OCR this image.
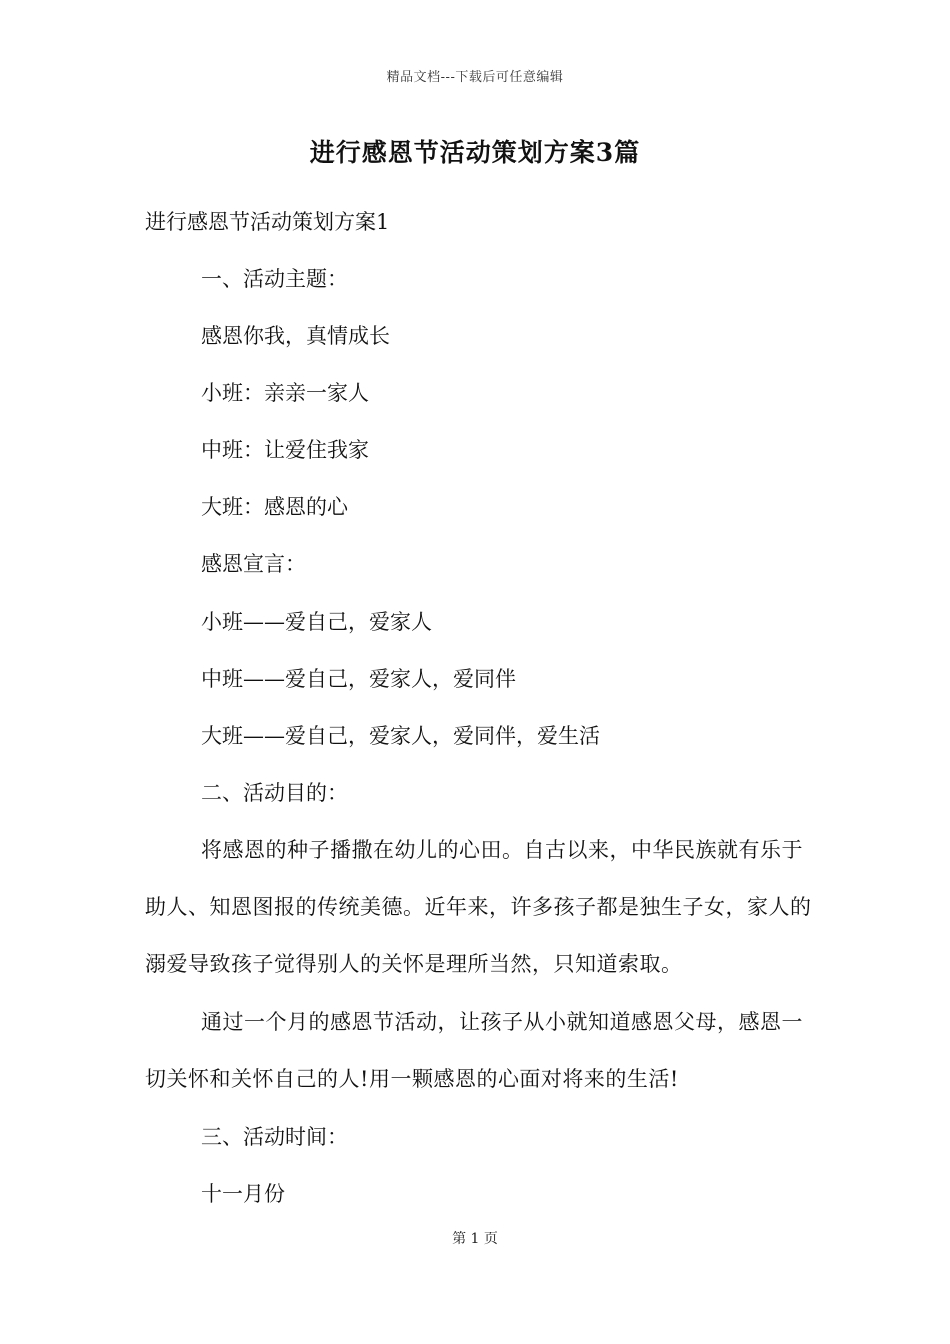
精品文档---下载后可任意编辑
进行感恩节活动策划方案3篇
进行感恩节活动策划方案1
一、活动主题：
感恩你我，真情成长
小班：亲亲一家人
中班：让爱住我家
大班：感恩的心
感恩宣言：
小班——爱自己，爱家人
中班——爱自己，爱家人，爱同伴
大班——爱自己，爱家人，爱同伴，爱生活
二、活动目的：

将感恩的种子播撒在幼儿的心田。自古以来，中华民族就有乐于助人、知恩图报的传统美德。近年来，许多孩子都是独生子女，家人的溺爱导致孩子觉得别人的关怀是理所当然，只知道索取。

通过一个月的感恩节活动，让孩子从小就知道感恩父母，感恩一切关怀和关怀自己的人!用一颗感恩的心面对将来的生活!

三、活动时间：
十一月份
第 1 页
